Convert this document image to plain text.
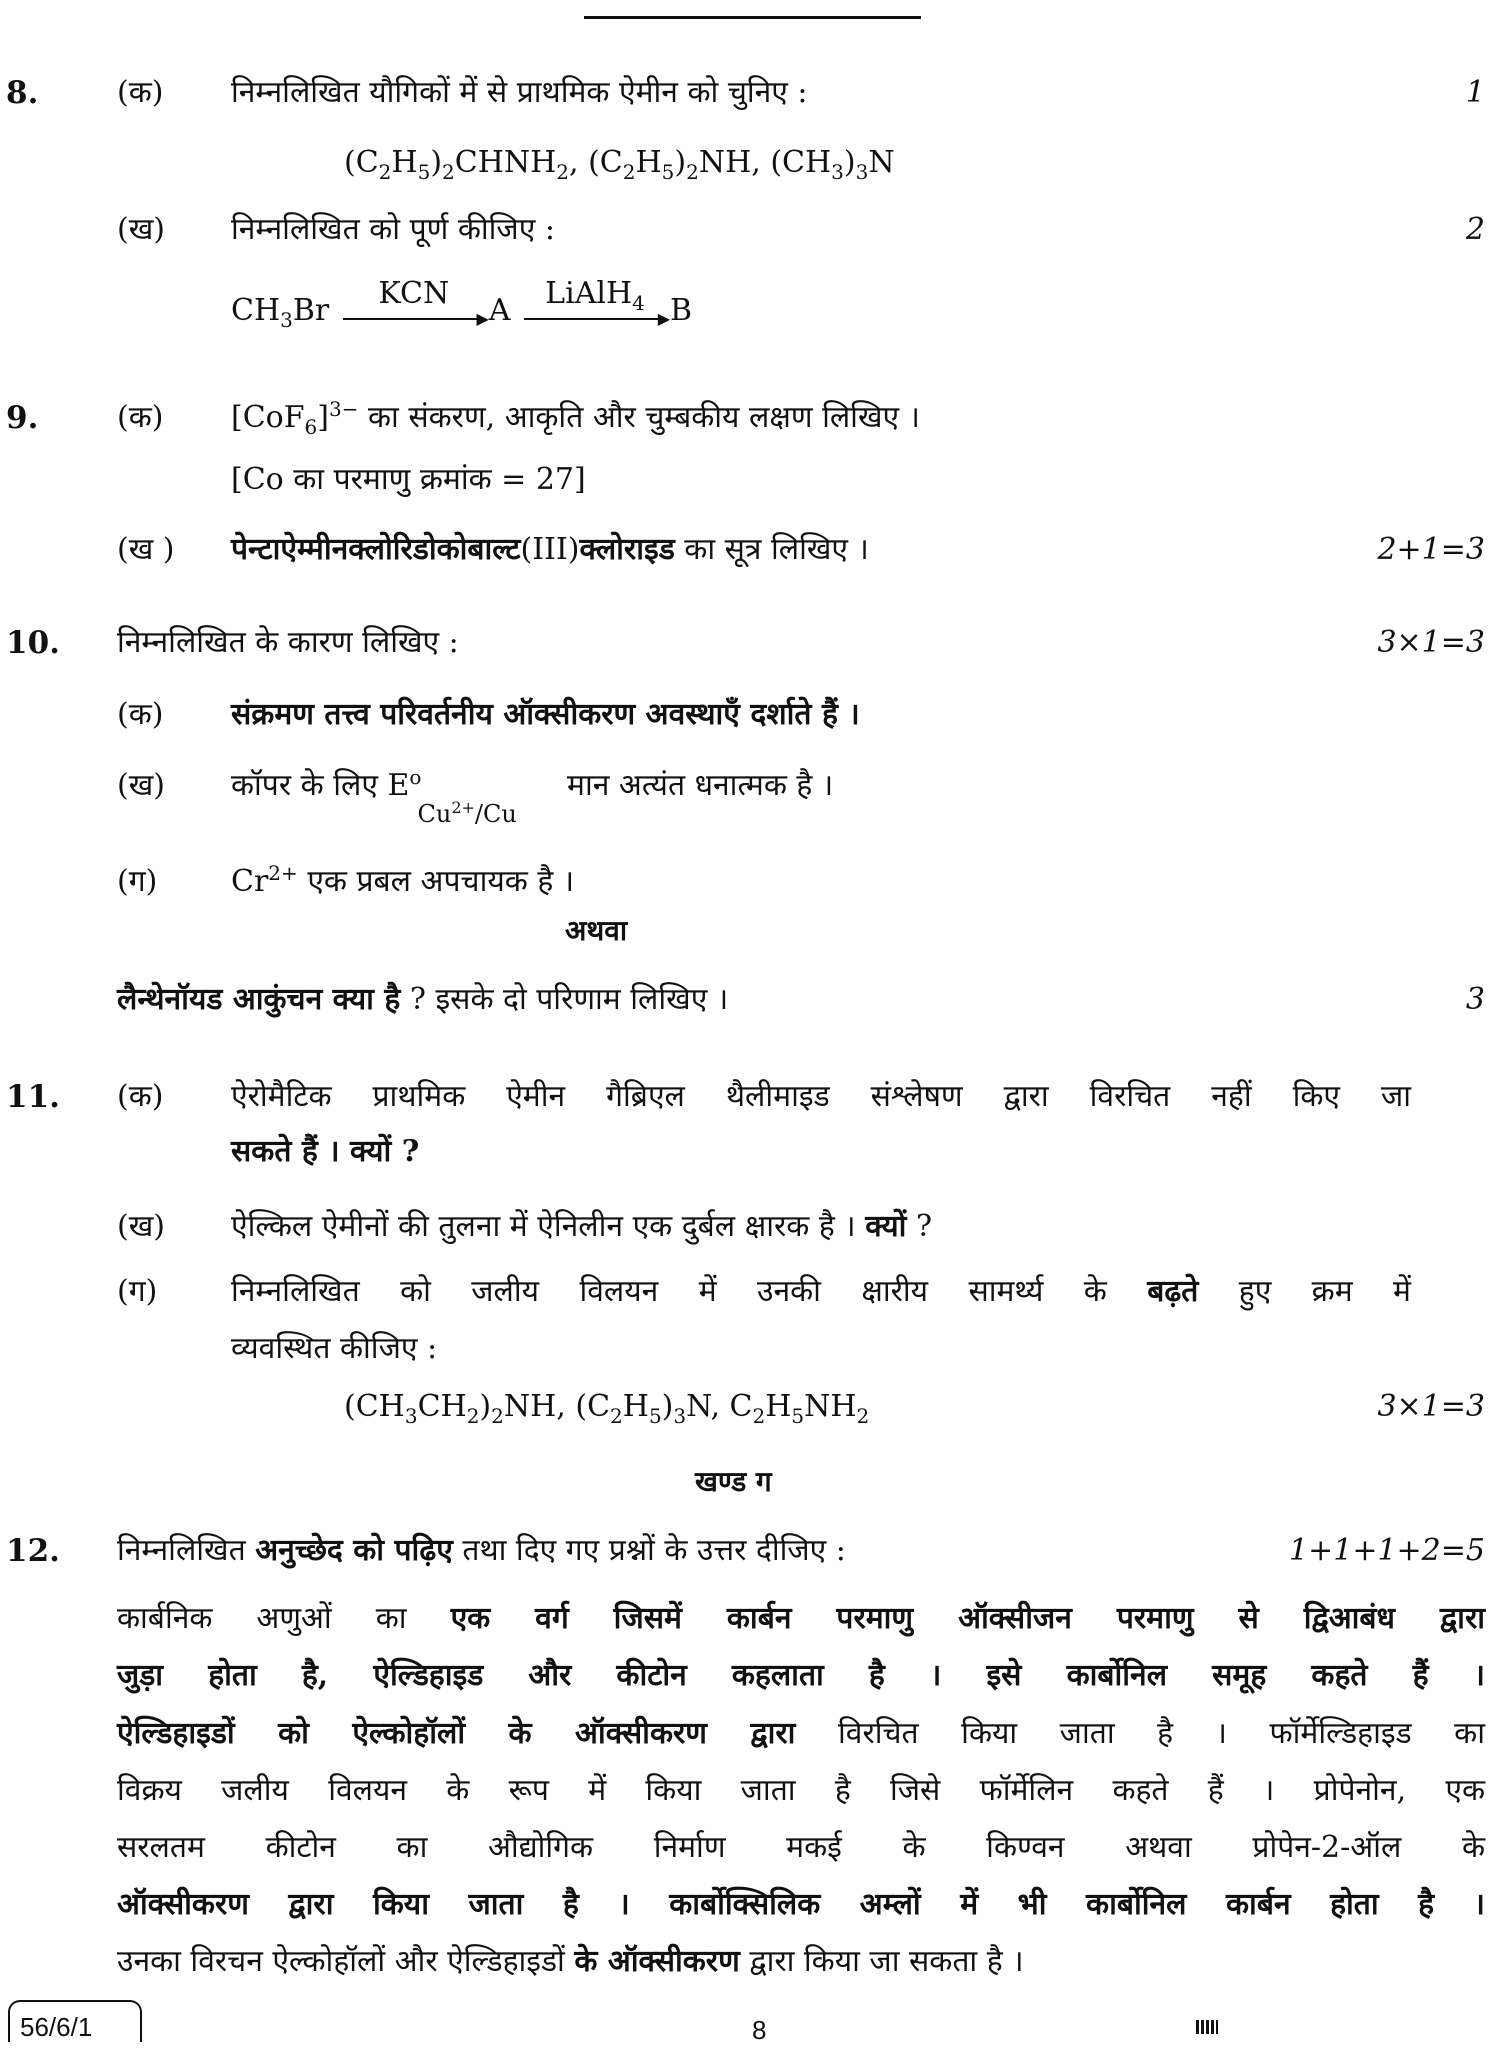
8.	(क)	निम्नलिखित यौगिकों में से प्राथमिक ऐमीन को चुनिए :	1
$(C_2H_5)_2CHNH_2$, $(C_2H_5)_2NH$, $(CH_3)_3N$
(ख)	निम्नलिखित को पूर्ण कीजिए :	2
$CH_3Br$	KCN
▶ A	LiAlH$_4$
▶ B
9.	(क)	$[CoF_6]^{3-}$ का संकरण, आकृति और चुम्बकीय लक्षण लिखिए ।
[Co का परमाणु क्रमांक = 27]
(ख )	पेन्टाऐम्मीनक्लोरिडोकोबाल्ट(III)क्लोराइड का सूत्र लिखिए ।	2+1=3
10. निम्नलिखित के कारण लिखिए :	3×1=3
(क)	संक्रमण तत्त्व परिवर्तनीय ऑक्सीकरण अवस्थाएँ दर्शाते हैं ।
(ख)	कॉपर के लिए $E^o$
$Cu^{2+}/Cu$
मान अत्यंत धनात्मक है ।
(ग)	$Cr^{2+}$ एक प्रबल अपचायक है ।
अथवा
लैन्थेनॉयड आकुंचन क्या है ? इसके दो परिणाम लिखिए ।	3
11. (क)	ऐरोमैटिक प्राथमिक ऐमीन गैब्रिएल थैलीमाइड संश्लेषण द्वारा विरचित नहीं किए जा
सकते हैं । क्यों ?
(ख)	ऐल्किल ऐमीनों की तुलना में ऐनिलीन एक दुर्बल क्षारक है । क्यों ?
(ग)	निम्नलिखित को जलीय विलयन में उनकी क्षारीय सामर्थ्य के बढ़ते हुए क्रम में
व्यवस्थित कीजिए :
$(CH_3CH_2)_2NH$, $(C_2H_5)_3N$, $C_2H_5NH_2$	3×1=3
खण्ड ग
12. निम्नलिखित अनुच्छेद को पढ़िए तथा दिए गए प्रश्नों के उत्तर दीजिए :	1+1+1+2=5
कार्बनिक अणुओं का एक वर्ग जिसमें कार्बन परमाणु ऑक्सीजन परमाणु से द्विआबंध द्वारा
जुड़ा होता है, ऐल्डिहाइड और कीटोन कहलाता है । इसे कार्बोनिल समूह कहते हैं ।
ऐल्डिहाइडों को ऐल्कोहॉलों के ऑक्सीकरण द्वारा विरचित किया जाता है । फॉर्मेल्डिहाइड का
विक्रय जलीय विलयन के रूप में किया जाता है जिसे फॉर्मेलिन कहते हैं । प्रोपेनोन, एक
सरलतम कीटोन का औद्योगिक निर्माण मकई के किण्वन अथवा प्रोपेन-2-ऑल के
ऑक्सीकरण द्वारा किया जाता है । कार्बोक्सिलिक अम्लों में भी कार्बोनिल कार्बन होता है ।
उनका विरचन ऐल्कोहॉलों और ऐल्डिहाइडों के ऑक्सीकरण द्वारा किया जा सकता है ।
56/6/1	8
